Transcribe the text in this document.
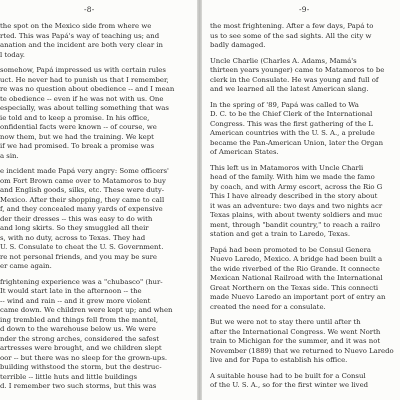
-8-
the spot on the Mexico side from where we
rted. This was Papá's way of teaching us; and
anation and the incident are both very clear in
l today.
somehow, Papá impressed us with certain rules
uct. He never had to punish us that I remember,
re was no question about obedience -- and I mean
te obedience -- even if he was not with us. One
especially, was about telling something that was
ie told and to keep a promise. In his office,
onfidential facts were known -- of course, we
now them, but we had the training. We kept
if we had promised. To break a promise was
a sin.
e incident made Papá very angry: Some officers'
om Fort Brown came over to Matamoros to buy
and English goods, silks, etc. These were duty-
Mexico. After their shopping, they came to call
f, and they concealed many yards of expensive
der their dresses -- this was easy to do with
and long skirts. So they smuggled all their
s, with no duty, across to Texas. They had
U. S. Consulate to cheat the U. S. Government.
re not personal friends, and you may be sure
er came again.
frightening experience was a "chubasco" (hur-
It would start late in the afternoon -- the
-- wind and rain -- and it grew more violent
came down. We children were kept up; and when
ing trembled and things fell from the mantel,
d down to the warehouse below us. We were
nder the strong arches, considered the safest
artresses were brought, and we children slept
oor -- but there was no sleep for the grown-ups.
building withstood the storm, but the destruc-
terrible -- little huts and little buildings
d. I remember two such storms, but this was
-9-
the most frightening. After a few days, Papá to
us to see some of the sad sights. All the city w
badly damaged.
Uncle Charlie (Charles A. Adams, Mamá's
thirteen years younger) came to Matamoros to be
clerk in the Consulate. He was young and full of
and we learned all the latest American slang.
In the spring of '89, Papá was called to Wa
D. C. to be the Chief Clerk of the International
Congress. This was the first gathering of the L
American countries with the U. S. A., a prelude
became the Pan-American Union, later the Organ
of American States.
This left us in Matamoros with Uncle Charli
head of the family. With him we made the famo
by coach, and with Army escort, across the Rio G
This I have already described in the story about
it was an adventure: two days and two nights acr
Texas plains, with about twenty soldiers and muc
ment, through "bandit country," to reach a railro
station and get a train to Laredo, Texas.
Papá had been promoted to be Consul Genera
Nuevo Laredo, Mexico. A bridge had been built a
the wide riverbed of the Rio Grande. It connecte
Mexican National Railroad with the International
Great Northern on the Texas side. This connecti
made Nuevo Laredo an important port of entry an
created the need for a consulate.
But we were not to stay there until after th
after the International Congress. We went North
train to Michigan for the summer, and it was not
November (1889) that we returned to Nuevo Laredo
live and for Papa to establish his office.
A suitable house had to be built for a Consul
of the U. S. A., so for the first winter we lived
